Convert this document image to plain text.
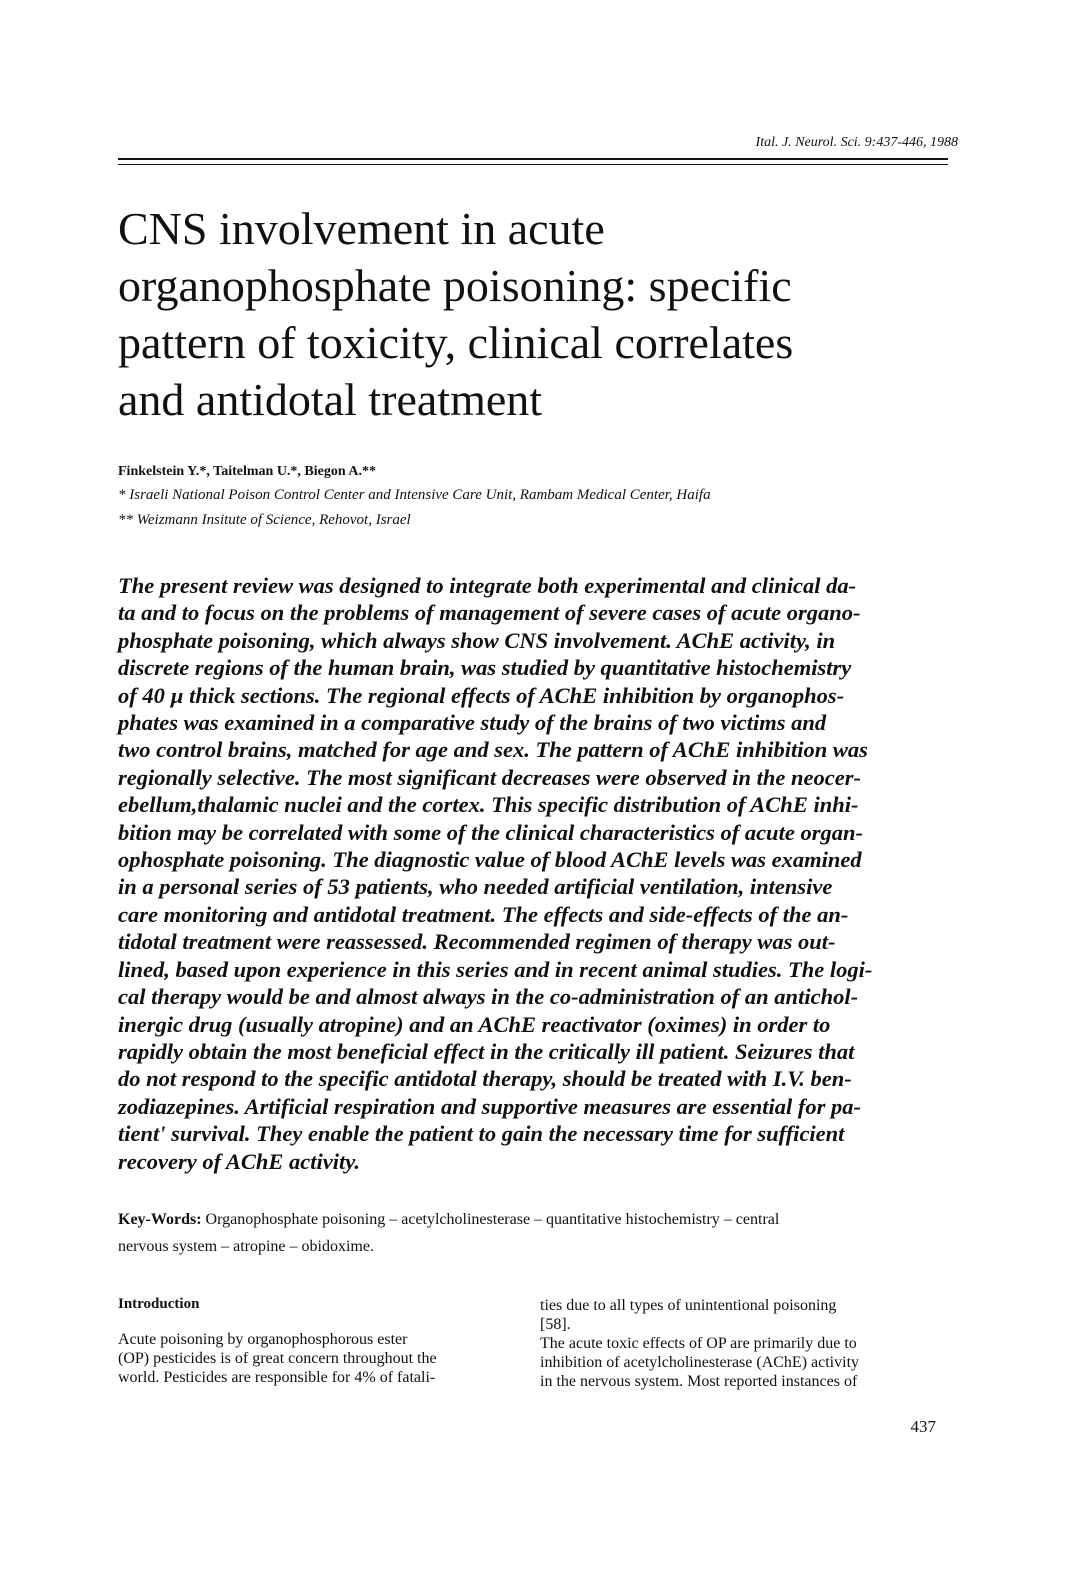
Ital. J. Neurol. Sci. 9:437-446, 1988
CNS involvement in acute
organophosphate poisoning: specific
pattern of toxicity, clinical correlates
and antidotal treatment
Finkelstein Y.*, Taitelman U.*, Biegon A.**
* Israeli National Poison Control Center and Intensive Care Unit, Rambam Medical Center, Haifa
** Weizmann Insitute of Science, Rehovot, Israel
The present review was designed to integrate both experimental and clinical da-
ta and to focus on the problems of management of severe cases of acute organo-
phosphate poisoning, which always show CNS involvement. AChE activity, in
discrete regions of the human brain, was studied by quantitative histochemistry
of 40 µ thick sections. The regional effects of AChE inhibition by organophos-
phates was examined in a comparative study of the brains of two victims and
two control brains, matched for age and sex. The pattern of AChE inhibition was
regionally selective. The most significant decreases were observed in the neocer-
ebellum,thalamic nuclei and the cortex. This specific distribution of AChE inhi-
bition may be correlated with some of the clinical characteristics of acute organ-
ophosphate poisoning. The diagnostic value of blood AChE levels was examined
in a personal series of 53 patients, who needed artificial ventilation, intensive
care monitoring and antidotal treatment. The effects and side-effects of the an-
tidotal treatment were reassessed. Recommended regimen of therapy was out-
lined, based upon experience in this series and in recent animal studies. The logi-
cal therapy would be and almost always in the co-administration of an antichol-
inergic drug (usually atropine) and an AChE reactivator (oximes) in order to
rapidly obtain the most beneficial effect in the critically ill patient. Seizures that
do not respond to the specific antidotal therapy, should be treated with I.V. ben-
zodiazepines. Artificial respiration and supportive measures are essential for pa-
tient' survival. They enable the patient to gain the necessary time for sufficient
recovery of AChE activity.
Key-Words: Organophosphate poisoning – acetylcholinesterase – quantitative histochemistry – central
nervous system – atropine – obidoxime.
Introduction
Acute poisoning by organophosphorous ester
(OP) pesticides is of great concern throughout the
world. Pesticides are responsible for 4% of fatali-
ties due to all types of unintentional poisoning
[58].
The acute toxic effects of OP are primarily due to
inhibition of acetylcholinesterase (AChE) activity
in the nervous system. Most reported instances of
437
